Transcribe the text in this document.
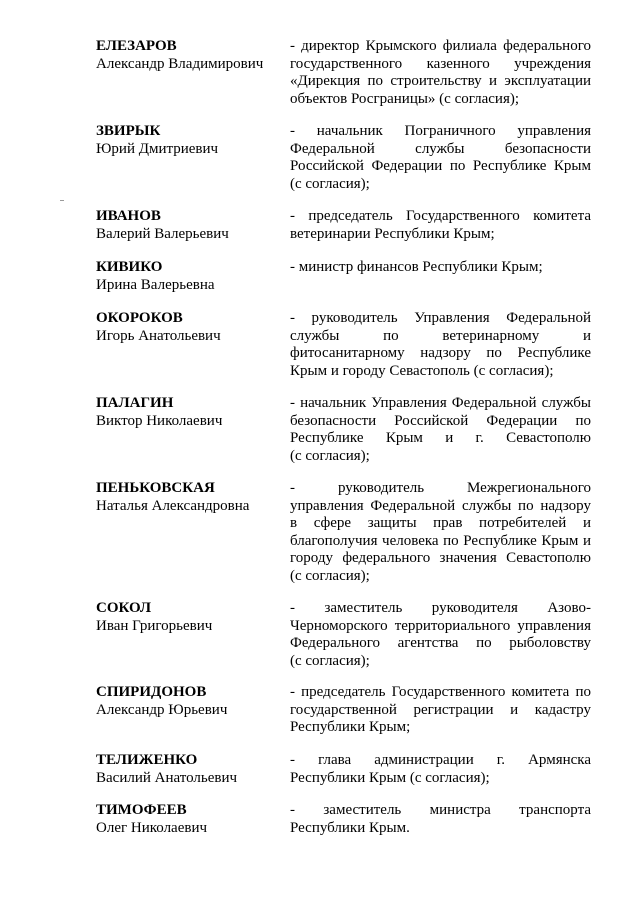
ЕЛЕЗАРОВ
Александр Владимирович
- директор Крымского филиала федерального
государственного казенного учреждения
«Дирекция по строительству и эксплуатации
объектов Росграницы» (с согласия);
ЗВИРЫК
Юрий Дмитриевич
- начальник Пограничного управления
Федеральной службы безопасности
Российской Федерации по Республике Крым
(с согласия);
ИВАНОВ
Валерий Валерьевич
- председатель Государственного комитета
ветеринарии Республики Крым;
КИВИКО
Ирина Валерьевна
- министр финансов Республики Крым;
ОКОРОКОВ
Игорь Анатольевич
- руководитель Управления Федеральной
службы по ветеринарному и
фитосанитарному надзору по Республике
Крым и городу Севастополь (с согласия);
ПАЛАГИН
Виктор Николаевич
- начальник Управления Федеральной службы
безопасности Российской Федерации по
Республике Крым и г. Севастополю
(с согласия);
ПЕНЬКОВСКАЯ
Наталья Александровна
- руководитель Межрегионального
управления Федеральной службы по надзору
в сфере защиты прав потребителей и
благополучия человека по Республике Крым и
городу федерального значения Севастополю
(с согласия);
СОКОЛ
Иван Григорьевич
- заместитель руководителя Азово-
Черноморского территориального управления
Федерального агентства по рыболовству
(с согласия);
СПИРИДОНОВ
Александр Юрьевич
- председатель Государственного комитета по
государственной регистрации и кадастру
Республики Крым;
ТЕЛИЖЕНКО
Василий Анатольевич
- глава администрации г. Армянска
Республики Крым (с согласия);
ТИМОФЕЕВ
Олег Николаевич
- заместитель министра транспорта
Республики Крым.
